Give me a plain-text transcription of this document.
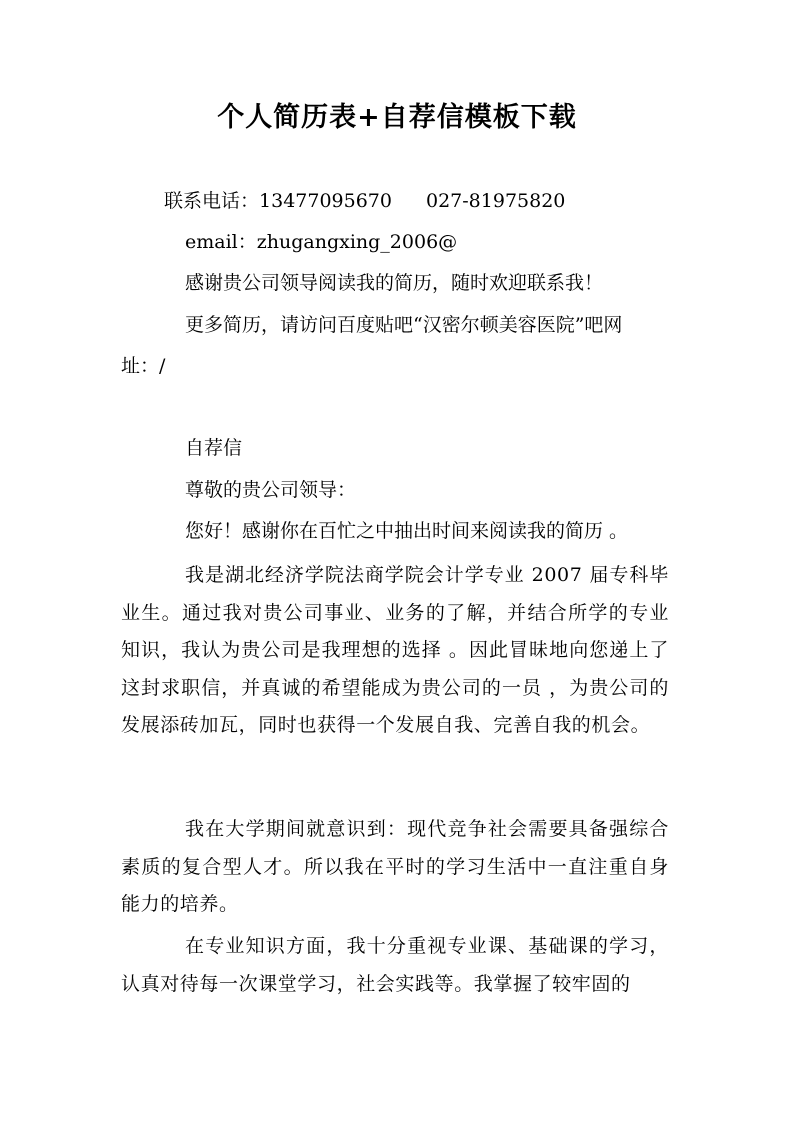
个人简历表+自荐信模板下载
联系电话：13477095670 027-81975820
email：zhugangxing_2006@
感谢贵公司领导阅读我的简历，随时欢迎联系我！
更多简历，请访问百度贴吧“汉密尔顿美容医院”吧网
址：/
自荐信
尊敬的贵公司领导：
您好！感谢你在百忙之中抽出时间来阅读我的简历 。
我是湖北经济学院法商学院会计学专业 2007 届专科毕业生。通过我对贵公司事业、业务的了解，并结合所学的专业知识，我认为贵公司是我理想的选择 。因此冒昧地向您递上了这封求职信，并真诚的希望能成为贵公司的一员 ，为贵公司的发展添砖加瓦，同时也获得一个发展自我、完善自我的机会。
我在大学期间就意识到：现代竞争社会需要具备强综合素质的复合型人才。所以我在平时的学习生活中一直注重自身能力的培养。
在专业知识方面，我十分重视专业课、基础课的学习，认真对待每一次课堂学习，社会实践等。我掌握了较牢固的
